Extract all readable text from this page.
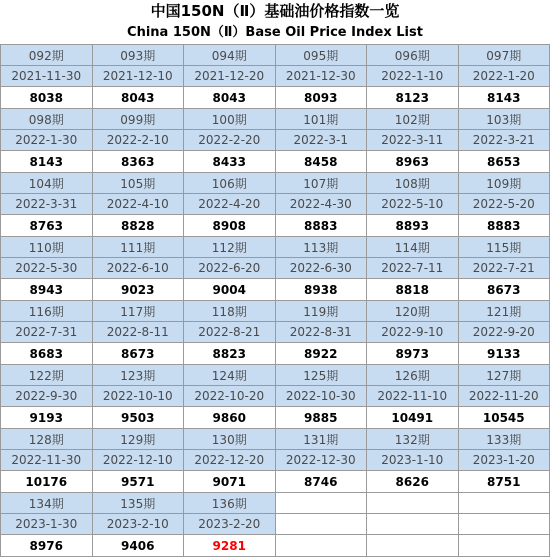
中国150N（Ⅱ）基础油价格指数一览
China 150N（Ⅱ）Base Oil Price Index List
092期	093期	094期	095期	096期	097期
2021-11-30	2021-12-10	2021-12-20	2021-12-30	2022-1-10	2022-1-20
8038	8043	8043	8093	8123	8143
098期	099期	100期	101期	102期	103期
2022-1-30	2022-2-10	2022-2-20	2022-3-1	2022-3-11	2022-3-21
8143	8363	8433	8458	8963	8653
104期	105期	106期	107期	108期	109期
2022-3-31	2022-4-10	2022-4-20	2022-4-30	2022-5-10	2022-5-20
8763	8828	8908	8883	8893	8883
110期	111期	112期	113期	114期	115期
2022-5-30	2022-6-10	2022-6-20	2022-6-30	2022-7-11	2022-7-21
8943	9023	9004	8938	8818	8673
116期	117期	118期	119期	120期	121期
2022-7-31	2022-8-11	2022-8-21	2022-8-31	2022-9-10	2022-9-20
8683	8673	8823	8922	8973	9133
122期	123期	124期	125期	126期	127期
2022-9-30	2022-10-10	2022-10-20	2022-10-30	2022-11-10	2022-11-20
9193	9503	9860	9885	10491	10545
128期	129期	130期	131期	132期	133期
2022-11-30	2022-12-10	2022-12-20	2022-12-30	2023-1-10	2023-1-20
10176	9571	9071	8746	8626	8751
134期	135期	136期			
2023-1-30	2023-2-10	2023-2-20			
8976	9406	9281			
